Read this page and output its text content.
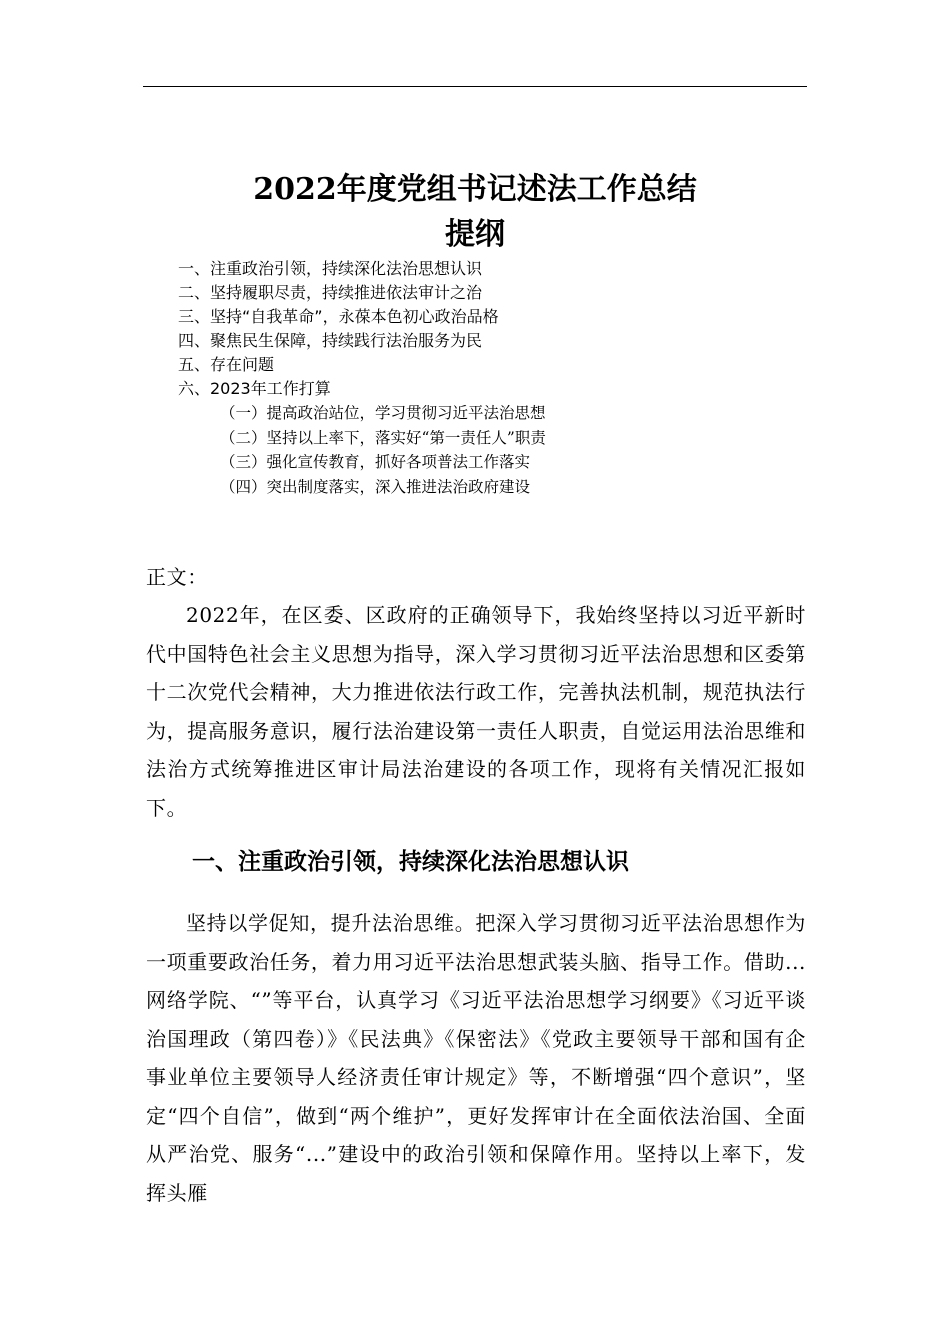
2022年度党组书记述法工作总结
提纲
一、注重政治引领，持续深化法治思想认识
二、坚持履职尽责，持续推进依法审计之治
三、坚持“自我革命”，永葆本色初心政治品格
四、聚焦民生保障，持续践行法治服务为民
五、存在问题
六、2023年工作打算
（一）提高政治站位，学习贯彻习近平法治思想
（二）坚持以上率下，落实好“第一责任人”职责
（三）强化宣传教育，抓好各项普法工作落实
（四）突出制度落实，深入推进法治政府建设
正文：
2022年，在区委、区政府的正确领导下，我始终坚持以习近平新时代中国特色社会主义思想为指导，深入学习贯彻习近平法治思想和区委第十二次党代会精神，大力推进依法行政工作，完善执法机制，规范执法行为，提高服务意识，履行法治建设第一责任人职责，自觉运用法治思维和法治方式统筹推进区审计局法治建设的各项工作，现将有关情况汇报如下。
一、注重政治引领，持续深化法治思想认识
坚持以学促知，提升法治思维。把深入学习贯彻习近平法治思想作为一项重要政治任务，着力用习近平法治思想武装头脑、指导工作。借助...网络学院、“”等平台，认真学习《习近平法治思想学习纲要》《习近平谈治国理政（第四卷）》《民法典》《保密法》《党政主要领导干部和国有企事业单位主要领导人经济责任审计规定》等，不断增强“四个意识”，坚定“四个自信”，做到“两个维护”，更好发挥审计在全面依法治国、全面从严治党、服务“...”建设中的政治引领和保障作用。坚持以上率下，发挥头雁
